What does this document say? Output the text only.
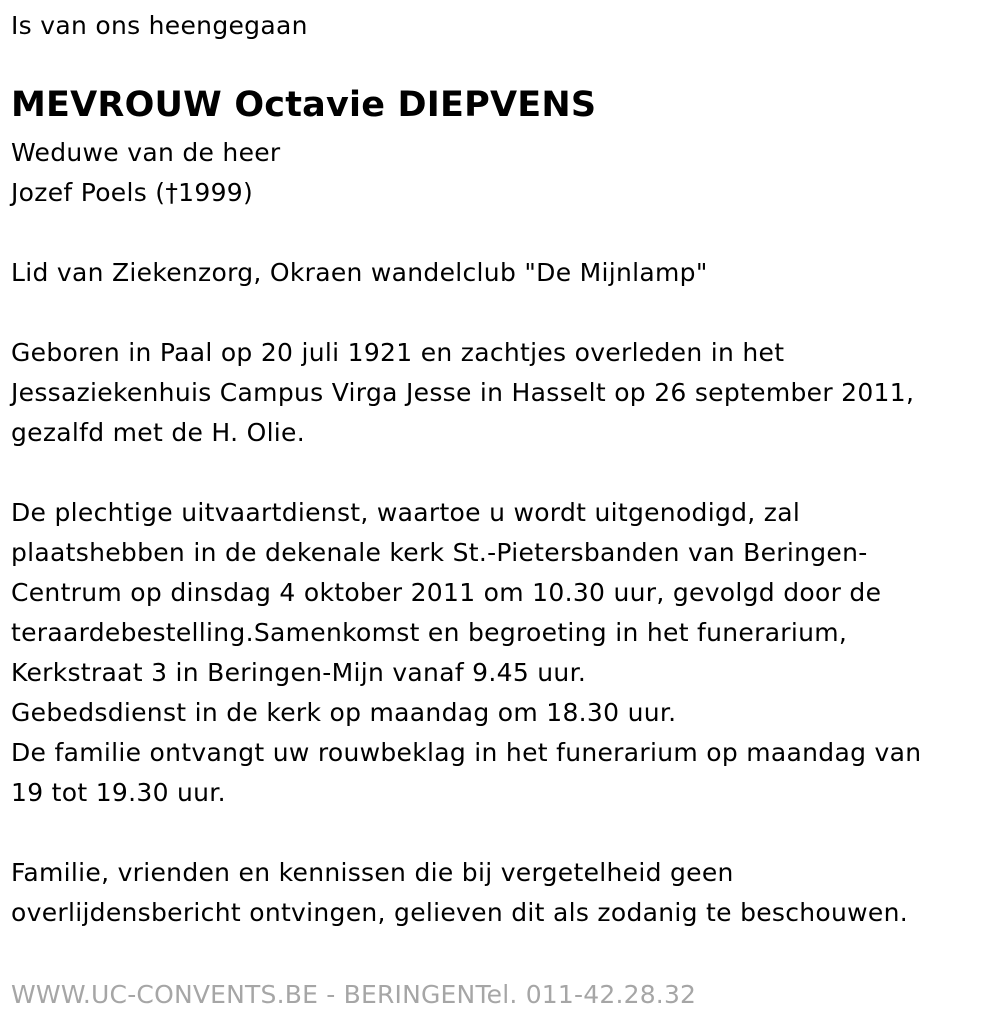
Is van ons heengegaan
MEVROUW Octavie DIEPVENS
Weduwe van de heer
Jozef Poels (†1999)
Lid van Ziekenzorg, Okraen wandelclub "De Mijnlamp"
Geboren in Paal op 20 juli 1921 en zachtjes overleden in het
Jessaziekenhuis Campus Virga Jesse in Hasselt op 26 september 2011,
gezalfd met de H. Olie.
De plechtige uitvaartdienst, waartoe u wordt uitgenodigd, zal
plaatshebben in de dekenale kerk St.-Pietersbanden van Beringen-
Centrum op dinsdag 4 oktober 2011 om 10.30 uur, gevolgd door de
teraardebestelling.Samenkomst en begroeting in het funerarium,
Kerkstraat 3 in Beringen-Mijn vanaf 9.45 uur.
Gebedsdienst in de kerk op maandag om 18.30 uur.
De familie ontvangt uw rouwbeklag in het funerarium op maandag van
19 tot 19.30 uur.
Familie, vrienden en kennissen die bij vergetelheid geen
overlijdensbericht ontvingen, gelieven dit als zodanig te beschouwen.
WWW.UC-CONVENTS.BE - BERINGENTel. 011-42.28.32
